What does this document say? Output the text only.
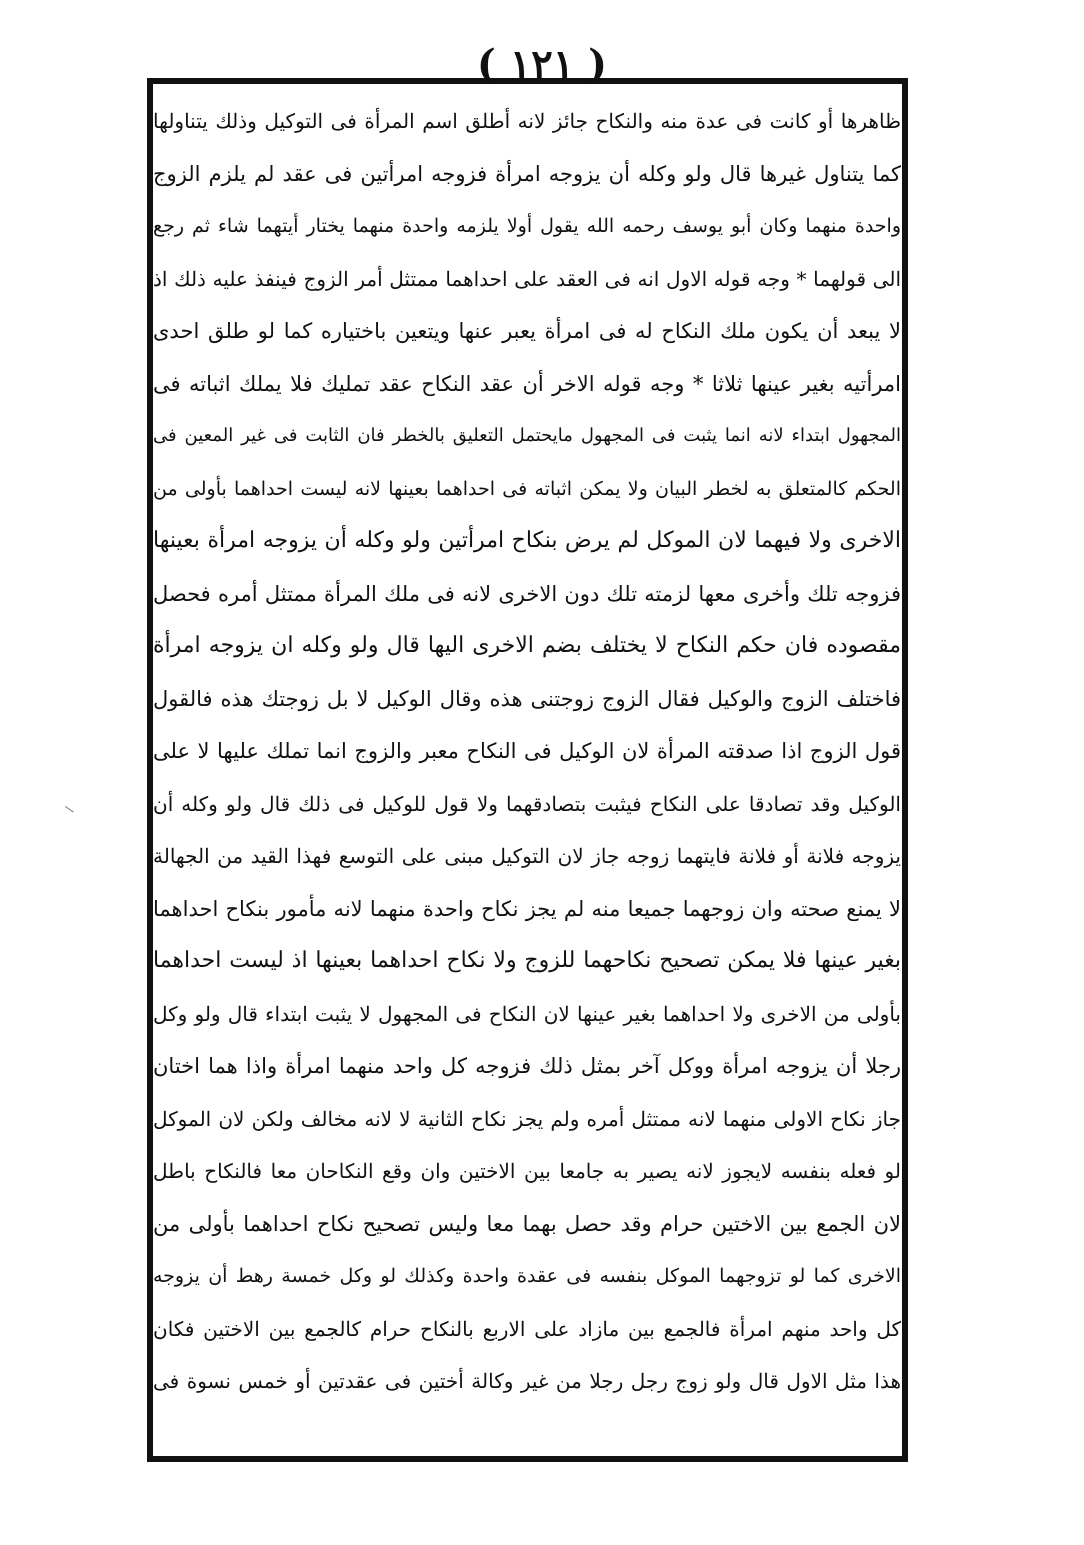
( ١٢١ )
ظاهرها أو كانت فى عدة منه والنكاح جائز لانه أطلق اسم المرأة فى التوكيل وذلك يتناولها
كما يتناول غيرها قال ولو وكله أن يزوجه امرأة فزوجه امرأتين فى عقد لم يلزم الزوج
واحدة منهما وكان أبو يوسف رحمه الله يقول أولا يلزمه واحدة منهما يختار أيتهما شاء ثم رجع
الى قولهما * وجه قوله الاول انه فى العقد على احداهما ممتثل أمر الزوج فينفذ عليه ذلك اذ
لا يبعد أن يكون ملك النكاح له فى امرأة يعبر عنها ويتعين باختياره كما لو طلق احدى
امرأتيه بغير عينها ثلاثا * وجه قوله الاخر أن عقد النكاح عقد تمليك فلا يملك اثباته فى
المجهول ابتداء لانه انما يثبت فى المجهول مايحتمل التعليق بالخطر فان الثابت فى غير المعين فى
الحكم كالمتعلق به لخطر البيان ولا يمكن اثباته فى احداهما بعينها لانه ليست احداهما بأولى من
الاخرى ولا فيهما لان الموكل لم يرض بنكاح امرأتين ولو وكله أن يزوجه امرأة بعينها
فزوجه تلك وأخرى معها لزمته تلك دون الاخرى لانه فى ملك المرأة ممتثل أمره فحصل
مقصوده فان حكم النكاح لا يختلف بضم الاخرى اليها قال ولو وكله ان يزوجه امرأة
فاختلف الزوج والوكيل فقال الزوج زوجتنى هذه وقال الوكيل لا بل زوجتك هذه فالقول
قول الزوج اذا صدقته المرأة لان الوكيل فى النكاح معبر والزوج انما تملك عليها لا على
الوكيل وقد تصادقا على النكاح فيثبت بتصادقهما ولا قول للوكيل فى ذلك قال ولو وكله أن
يزوجه فلانة أو فلانة فايتهما زوجه جاز لان التوكيل مبنى على التوسع فهذا القيد من الجهالة
لا يمنع صحته وان زوجهما جميعا منه لم يجز نكاح واحدة منهما لانه مأمور بنكاح احداهما
بغير عينها فلا يمكن تصحيح نكاحهما للزوج ولا نكاح احداهما بعينها اذ ليست احداهما
بأولى من الاخرى ولا احداهما بغير عينها لان النكاح فى المجهول لا يثبت ابتداء قال ولو وكل
رجلا أن يزوجه امرأة ووكل آخر بمثل ذلك فزوجه كل واحد منهما امرأة واذا هما اختان
جاز نكاح الاولى منهما لانه ممتثل أمره ولم يجز نكاح الثانية لا لانه مخالف ولكن لان الموكل
لو فعله بنفسه لايجوز لانه يصير به جامعا بين الاختين وان وقع النكاحان معا فالنكاح باطل
لان الجمع بين الاختين حرام وقد حصل بهما معا وليس تصحيح نكاح احداهما بأولى من
الاخرى كما لو تزوجهما الموكل بنفسه فى عقدة واحدة وكذلك لو وكل خمسة رهط أن يزوجه
كل واحد منهم امرأة فالجمع بين مازاد على الاربع بالنكاح حرام كالجمع بين الاختين فكان
هذا مثل الاول قال ولو زوج رجل رجلا من غير وكالة أختين فى عقدتين أو خمس نسوة فى
